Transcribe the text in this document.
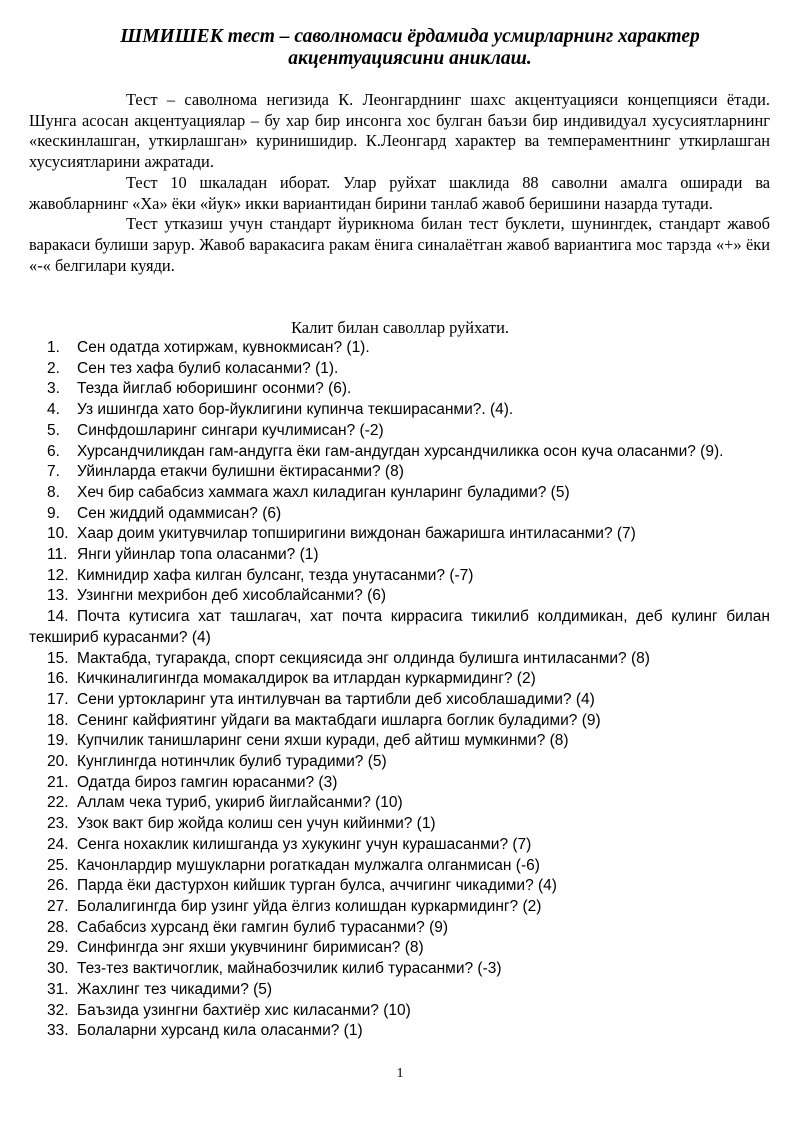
ШМИШЕК тест – саволномаси ёрдамида усмирларнинг характер акцентуациясини аниклаш.

Тест – саволнома негизида К. Леонгарднинг шахс акцентуацияси концепцияси ётади. Шунга асосан акцентуациялар – бу хар бир инсонга хос булган баъзи бир индивидуал хусусиятларнинг «кескинлашган, уткирлашган» куринишидир. К.Леонгард характер ва темпераментнинг уткирлашган хусусиятларини ажратади.

Тест 10 шкаладан иборат. Улар руйхат шаклида 88 саволни амалга оширади ва жавобларнинг «Ха» ёки «йук» икки вариантидан бирини танлаб жавоб беришини назарда тутади.

Тест утказиш учун стандарт йурикнома билан тест буклети, шунингдек, стандарт жавоб варакаси булиши зарур. Жавоб варакасига ракам ёнига синалаётган жавоб вариантига мос тарзда «+» ёки «-« белгилари куяди.

Калит билан саволлар руйхати.
1. Сен одатда хотиржам, кувнокмисан? (1).
2. Сен тез хафа булиб коласанми? (1).
3. Тезда йиглаб юборишинг осонми? (6).
4. Уз ишингда хато бор-йуклигини купинча текширасанми?. (4).
5. Синфдошларинг сингари кучлимисан? (-2)
6. Хурсандчиликдан гам-андугга ёки гам-андугдан хурсандчиликка осон куча оласанми? (9).
7. Уйинларда етакчи булишни ёктирасанми? (8)
8. Хеч бир сабабсиз хаммага жахл киладиган кунларинг буладими? (5)
9. Сен жиддий одаммисан? (6)
10. Хаар доим укитувчилар топширигини виждонан бажаришга интиласанми? (7)
11. Янги уйинлар топа оласанми? (1)
12. Кимнидир хафа килган булсанг, тезда унутасанми? (-7)
13. Узингни мехрибон деб хисоблайсанми? (6)
14. Почта кутисига хат ташлагач, хат почта киррасига тикилиб колдимикан, деб кулинг билан текшириб курасанми? (4)
15. Мактабда, тугаракда, спорт секциясида энг олдинда булишга интиласанми? (8)
16. Кичкиналигингда момакалдирок ва итлардан куркармидинг? (2)
17. Сени уртокларинг ута интилувчан ва тартибли деб хисоблашадими? (4)
18. Сенинг кайфиятинг уйдаги ва мактабдаги ишларга боглик буладими? (9)
19. Купчилик танишларинг сени яхши куради, деб айтиш мумкинми? (8)
20. Кунглингда нотинчлик булиб турадими? (5)
21. Одатда бироз гамгин юрасанми? (3)
22. Аллам чека туриб, укириб йиглайсанми? (10)
23. Узок вакт бир жойда колиш сен учун кийинми? (1)
24. Сенга нохаклик килишганда уз хукукинг учун курашасанми? (7)
25. Качонлардир мушукларни рогаткадан мулжалга олганмисан (-6)
26. Парда ёки дастурхон кийшик турган булса, аччигинг чикадими? (4)
27. Болалигингда бир узинг уйда ёлгиз колишдан куркармидинг? (2)
28. Сабабсиз хурсанд ёки гамгин булиб турасанми? (9)
29. Синфингда энг яхши укувчининг биримисан? (8)
30. Тез-тез вактичоглик, майнабозчилик килиб турасанми? (-3)
31. Жахлинг тез чикадими? (5)
32. Баъзида узингни бахтиёр хис киласанми? (10)
33. Болаларни хурсанд кила оласанми? (1)
1
